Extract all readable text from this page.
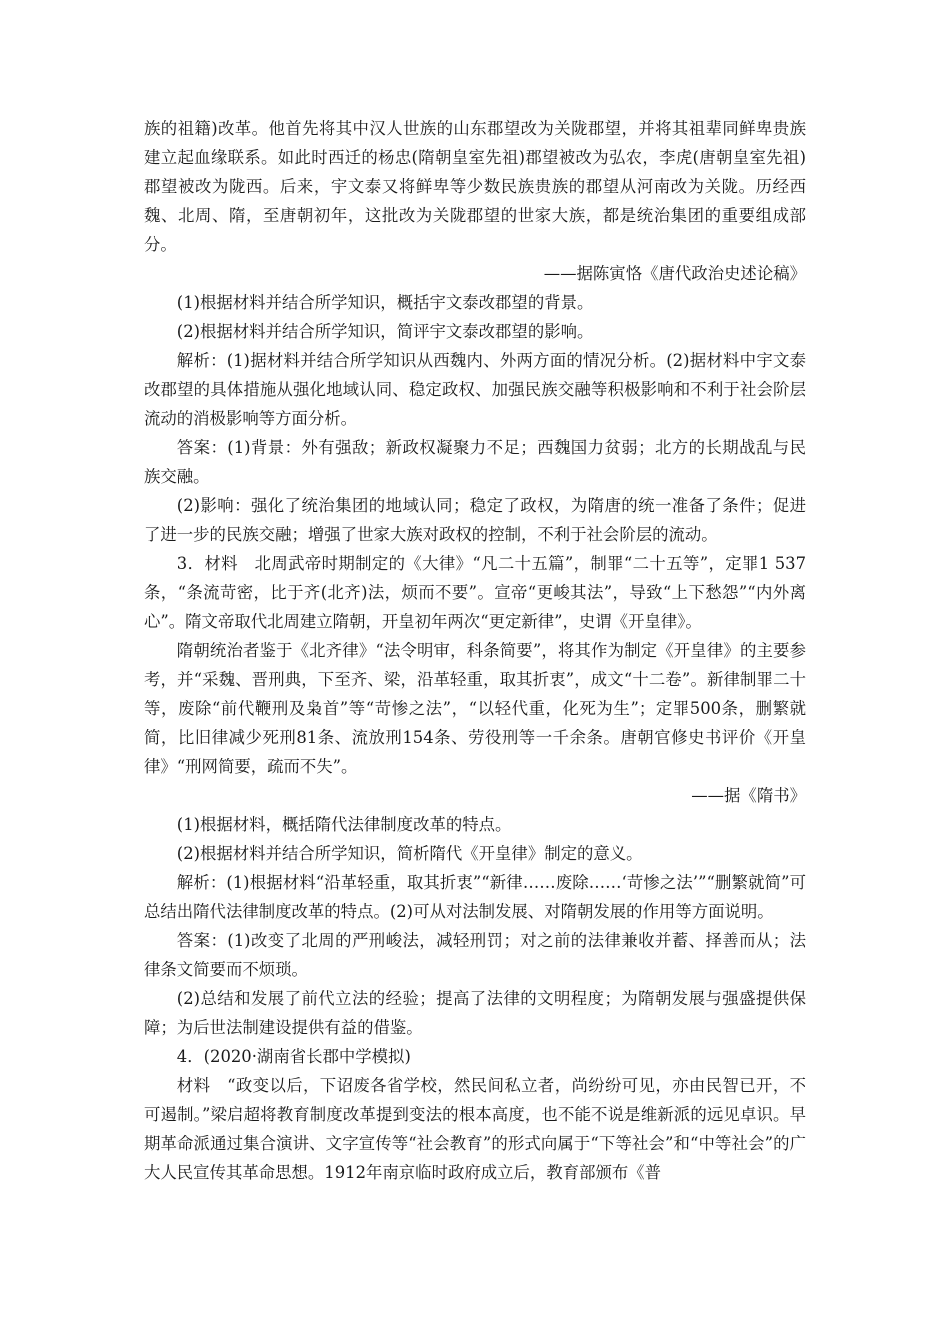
族的祖籍)改革。他首先将其中汉人世族的山东郡望改为关陇郡望，并将其祖辈同鲜卑贵族建立起血缘联系。如此时西迁的杨忠(隋朝皇室先祖)郡望被改为弘农，李虎(唐朝皇室先祖)郡望被改为陇西。后来，宇文泰又将鲜卑等少数民族贵族的郡望从河南改为关陇。历经西魏、北周、隋，至唐朝初年，这批改为关陇郡望的世家大族，都是统治集团的重要组成部分。

——据陈寅恪《唐代政治史述论稿》

(1)根据材料并结合所学知识，概括宇文泰改郡望的背景。

(2)根据材料并结合所学知识，简评宇文泰改郡望的影响。

解析：(1)据材料并结合所学知识从西魏内、外两方面的情况分析。(2)据材料中宇文泰改郡望的具体措施从强化地域认同、稳定政权、加强民族交融等积极影响和不利于社会阶层流动的消极影响等方面分析。

答案：(1)背景：外有强敌；新政权凝聚力不足；西魏国力贫弱；北方的长期战乱与民族交融。

(2)影响：强化了统治集团的地域认同；稳定了政权，为隋唐的统一准备了条件；促进了进一步的民族交融；增强了世家大族对政权的控制，不利于社会阶层的流动。

3．材料　北周武帝时期制定的《大律》“凡二十五篇”，制罪“二十五等”，定罪1 537条，“条流苛密，比于齐(北齐)法，烦而不要”。宣帝“更峻其法”，导致“上下愁怨”“内外离心”。隋文帝取代北周建立隋朝，开皇初年两次“更定新律”，史谓《开皇律》。

隋朝统治者鉴于《北齐律》“法令明审，科条简要”，将其作为制定《开皇律》的主要参考，并“采魏、晋刑典，下至齐、梁，沿革轻重，取其折衷”，成文“十二卷”。新律制罪二十等，废除“前代鞭刑及枭首”等“苛惨之法”，“以轻代重，化死为生”；定罪500条，删繁就简，比旧律减少死刑81条、流放刑154条、劳役刑等一千余条。唐朝官修史书评价《开皇律》“刑网简要，疏而不失”。

——据《隋书》

(1)根据材料，概括隋代法律制度改革的特点。

(2)根据材料并结合所学知识，简析隋代《开皇律》制定的意义。

解析：(1)根据材料“沿革轻重，取其折衷”“新律……废除……‘苛惨之法’”“删繁就简”可总结出隋代法律制度改革的特点。(2)可从对法制发展、对隋朝发展的作用等方面说明。

答案：(1)改变了北周的严刑峻法，减轻刑罚；对之前的法律兼收并蓄、择善而从；法律条文简要而不烦琐。

(2)总结和发展了前代立法的经验；提高了法律的文明程度；为隋朝发展与强盛提供保障；为后世法制建设提供有益的借鉴。

4．(2020·湖南省长郡中学模拟)

材料　“政变以后，下诏废各省学校，然民间私立者，尚纷纷可见，亦由民智已开，不可遏制。”梁启超将教育制度改革提到变法的根本高度，也不能不说是维新派的远见卓识。早期革命派通过集合演讲、文字宣传等“社会教育”的形式向属于“下等社会”和“中等社会”的广大人民宣传其革命思想。1912年南京临时政府成立后，教育部颁布《普
